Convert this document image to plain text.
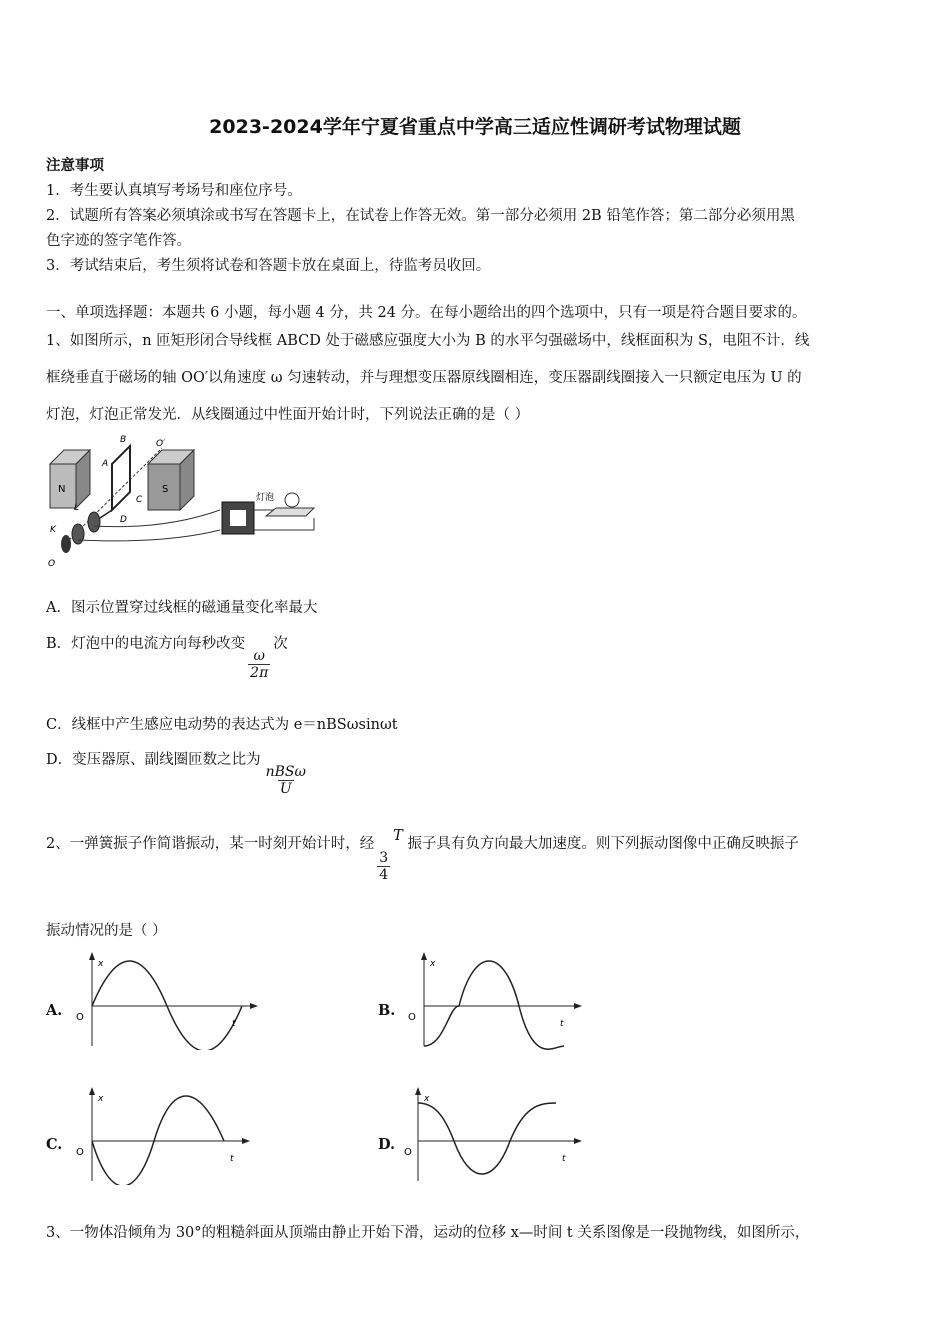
2023-2024学年宁夏省重点中学高三适应性调研考试物理试题
注意事项
1．考生要认真填写考场号和座位序号。
2．试题所有答案必须填涂或书写在答题卡上，在试卷上作答无效。第一部分必须用 2B 铅笔作答；第二部分必须用黑
色字迹的签字笔作答。
3．考试结束后，考生须将试卷和答题卡放在桌面上，待监考员收回。
一、单项选择题：本题共 6 小题，每小题 4 分，共 24 分。在每小题给出的四个选项中，只有一项是符合题目要求的。
1、如图所示，n 匝矩形闭合导线框 ABCD 处于磁感应强度大小为 B 的水平匀强磁场中，线框面积为 S，电阻不计．线
框绕垂直于磁场的轴 OO′以角速度 ω 匀速转动，并与理想变压器原线圈相连，变压器副线圈接入一只额定电压为 U 的
灯泡，灯泡正常发光．从线圈通过中性面开始计时，下列说法正确的是（ ）
N	S
A
B
C
D
K
L
O
O′
灯泡
A．图示位置穿过线框的磁通量变化率最大
B．灯泡中的电流方向每秒改变
$\frac{\omega}{2\pi}$
次
C．线框中产生感应电动势的表达式为 e＝nBSωsinωt
D．变压器原、副线圈匝数之比为
$\frac{\text{nBSω}}{U}$
2、一弹簧振子作简谐振动，某一时刻开始计时，经
$\frac{3}{4}$
T 振子具有负方向最大加速度。则下列振动图像中正确反映振子
振动情况的是（ ）
A.
x
t
O	B.
x
t
O
C.
x
t
O	D.
x
t
O
3、一物体沿倾角为 30°的粗糙斜面从顶端由静止开始下滑，运动的位移 x—时间 t 关系图像是一段抛物线，如图所示，
